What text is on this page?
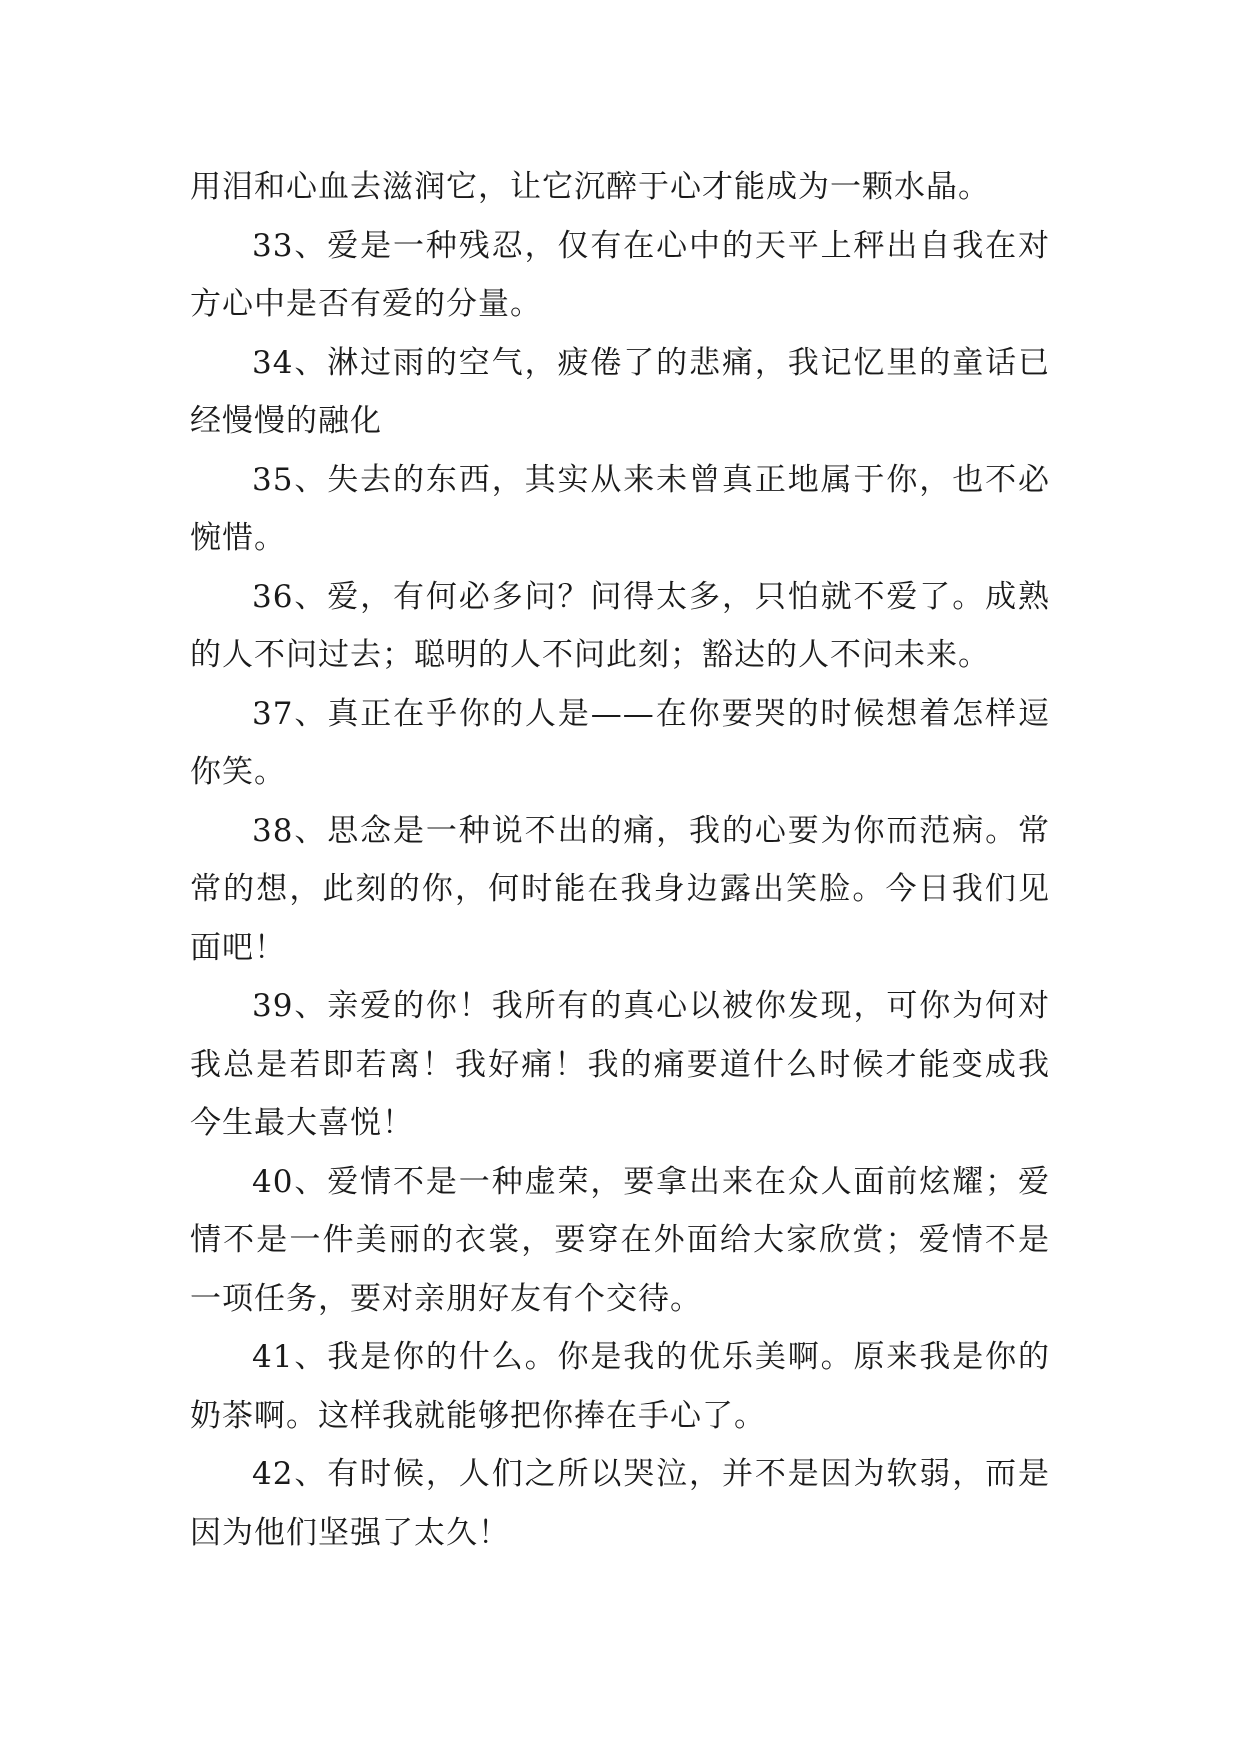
用泪和心血去滋润它，让它沉醉于心才能成为一颗水晶。

33、爱是一种残忍，仅有在心中的天平上秤出自我在对方心中是否有爱的分量。

34、淋过雨的空气，疲倦了的悲痛，我记忆里的童话已经慢慢的融化

35、失去的东西，其实从来未曾真正地属于你，也不必惋惜。

36、爱，有何必多问？问得太多，只怕就不爱了。成熟的人不问过去；聪明的人不问此刻；豁达的人不问未来。

37、真正在乎你的人是——在你要哭的时候想着怎样逗你笑。

38、思念是一种说不出的痛，我的心要为你而范病。常常的想，此刻的你，何时能在我身边露出笑脸。今日我们见面吧！

39、亲爱的你！我所有的真心以被你发现，可你为何对我总是若即若离！我好痛！我的痛要道什么时候才能变成我今生最大喜悦！

40、爱情不是一种虚荣，要拿出来在众人面前炫耀；爱情不是一件美丽的衣裳，要穿在外面给大家欣赏；爱情不是一项任务，要对亲朋好友有个交待。

41、我是你的什么。你是我的优乐美啊。原来我是你的奶茶啊。这样我就能够把你捧在手心了。

42、有时候，人们之所以哭泣，并不是因为软弱，而是因为他们坚强了太久！
